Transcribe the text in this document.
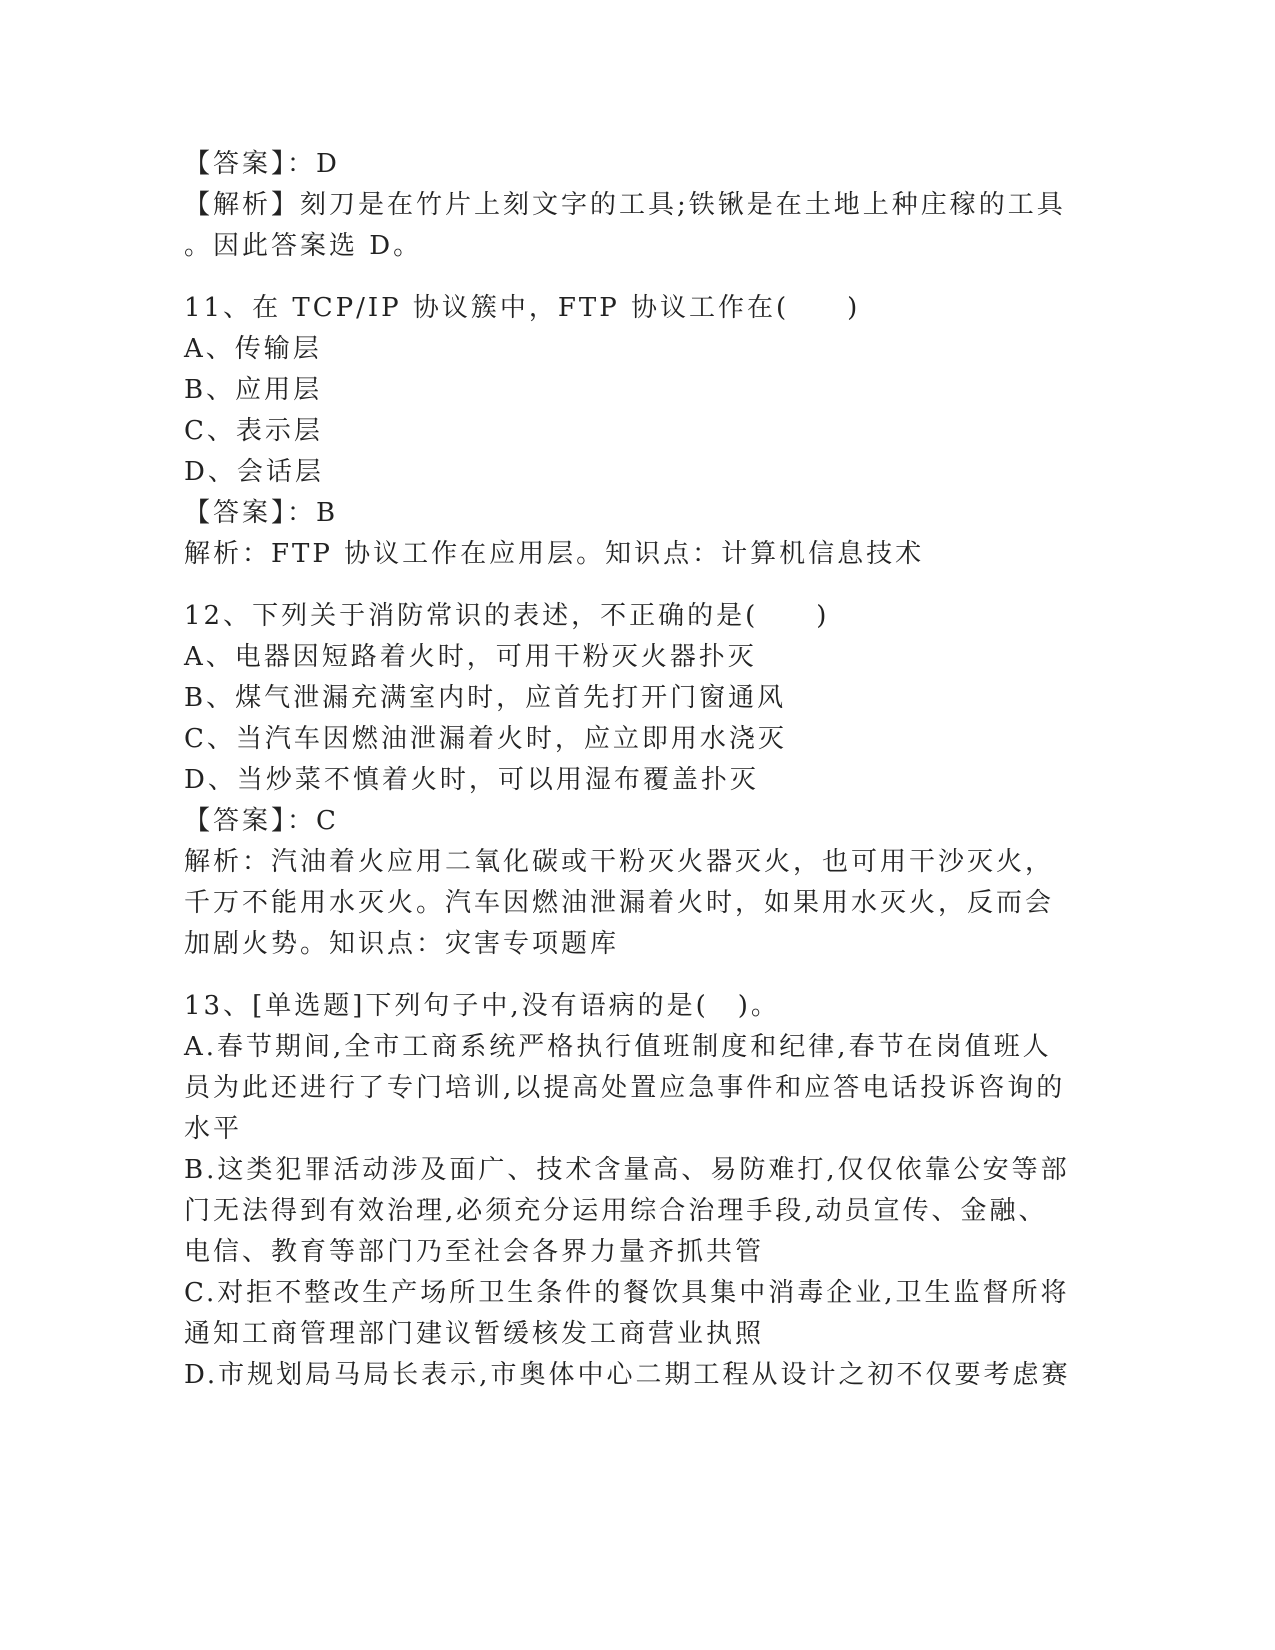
【答案】：D
【解析】刻刀是在竹片上刻文字的工具;铁锹是在土地上种庄稼的工具
。因此答案选 D。
11、在 TCP/IP 协议簇中，FTP 协议工作在(　　)
A、传输层
B、应用层
C、表示层
D、会话层
【答案】：B
解析：FTP 协议工作在应用层。知识点：计算机信息技术
12、下列关于消防常识的表述，不正确的是(　　)
A、电器因短路着火时，可用干粉灭火器扑灭
B、煤气泄漏充满室内时，应首先打开门窗通风
C、当汽车因燃油泄漏着火时，应立即用水浇灭
D、当炒菜不慎着火时，可以用湿布覆盖扑灭
【答案】：C
解析：汽油着火应用二氧化碳或干粉灭火器灭火，也可用干沙灭火，
千万不能用水灭火。汽车因燃油泄漏着火时，如果用水灭火，反而会
加剧火势。知识点：灾害专项题库
13、[单选题]下列句子中,没有语病的是(　)。
A.春节期间,全市工商系统严格执行值班制度和纪律,春节在岗值班人
员为此还进行了专门培训,以提高处置应急事件和应答电话投诉咨询的
水平
B.这类犯罪活动涉及面广、技术含量高、易防难打,仅仅依靠公安等部
门无法得到有效治理,必须充分运用综合治理手段,动员宣传、金融、
电信、教育等部门乃至社会各界力量齐抓共管
C.对拒不整改生产场所卫生条件的餐饮具集中消毒企业,卫生监督所将
通知工商管理部门建议暂缓核发工商营业执照
D.市规划局马局长表示,市奥体中心二期工程从设计之初不仅要考虑赛
